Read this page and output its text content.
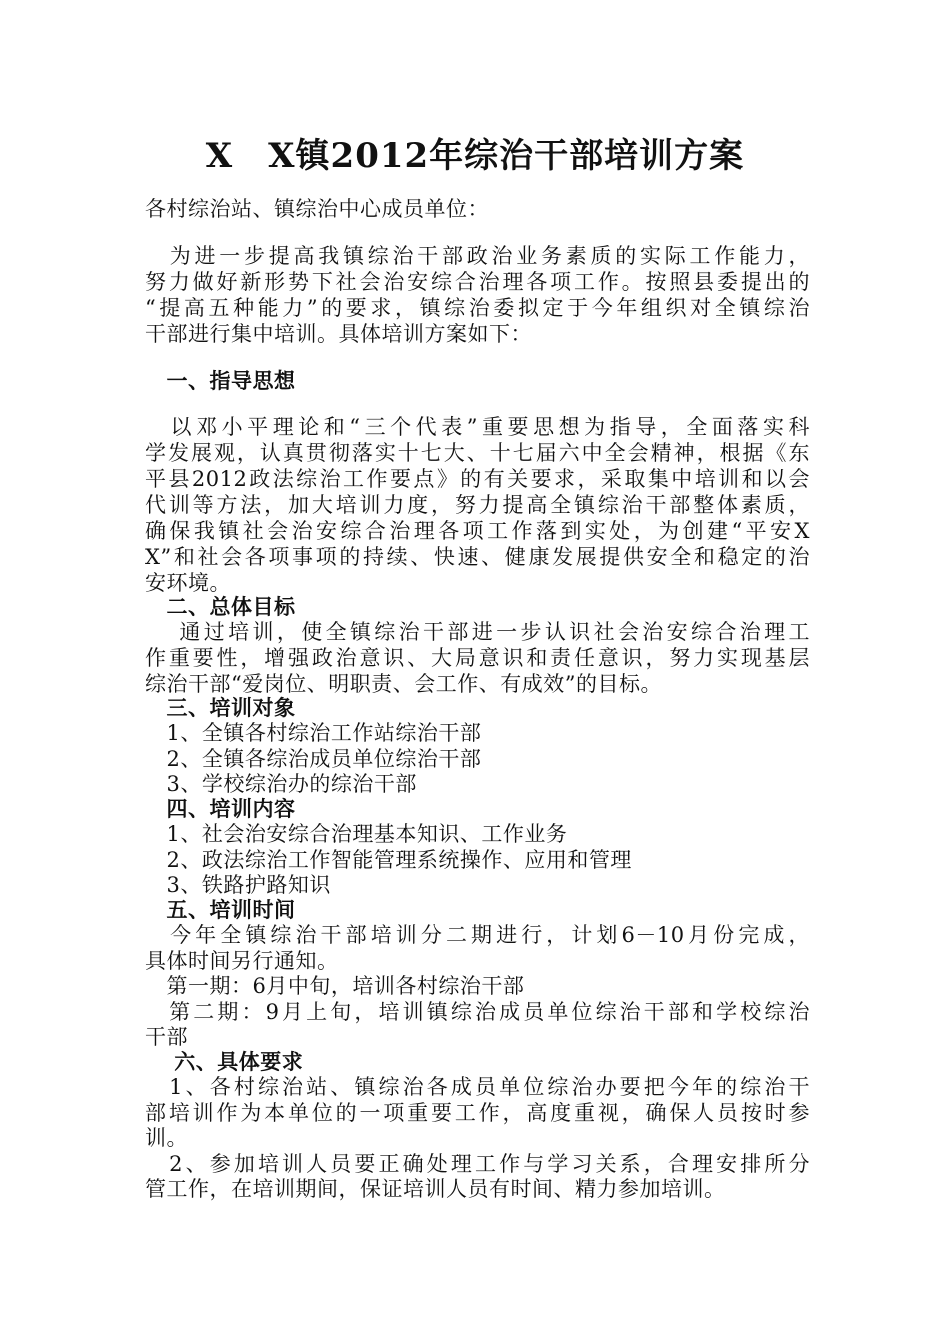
X　X镇2012年综治干部培训方案
各村综治站、镇综治中心成员单位：
　为进一步提高我镇综治干部政治业务素质的实际工作能力，
努力做好新形势下社会治安综合治理各项工作。按照县委提出的
“提高五种能力”的要求，镇综治委拟定于今年组织对全镇综治
干部进行集中培训。具体培训方案如下：
　一、指导思想
　以邓小平理论和“三个代表”重要思想为指导，全面落实科
学发展观，认真贯彻落实十七大、十七届六中全会精神，根据《东
平县2012政法综治工作要点》的有关要求，采取集中培训和以会
代训等方法，加大培训力度，努力提高全镇综治干部整体素质，
确保我镇社会治安综合治理各项工作落到实处，为创建“平安X
X”和社会各项事项的持续、快速、健康发展提供安全和稳定的治
安环境。
　二、总体目标
　 通过培训，使全镇综治干部进一步认识社会治安综合治理工
作重要性，增强政治意识、大局意识和责任意识，努力实现基层
综治干部“爱岗位、明职责、会工作、有成效”的目标。
　三、培训对象
　1、全镇各村综治工作站综治干部
　2、全镇各综治成员单位综治干部
　3、学校综治办的综治干部
　四、培训内容
　1、社会治安综合治理基本知识、工作业务
　2、政法综治工作智能管理系统操作、应用和管理
　3、铁路护路知识
　五、培训时间
　今年全镇综治干部培训分二期进行，计划6－10月份完成，
具体时间另行通知。
　第一期：6月中旬，培训各村综治干部
　第二期：9月上旬，培训镇综治成员单位综治干部和学校综治
干部
　 六、具体要求
　1、各村综治站、镇综治各成员单位综治办要把今年的综治干
部培训作为本单位的一项重要工作，高度重视，确保人员按时参
训。
　2、参加培训人员要正确处理工作与学习关系，合理安排所分
管工作，在培训期间，保证培训人员有时间、精力参加培训。
